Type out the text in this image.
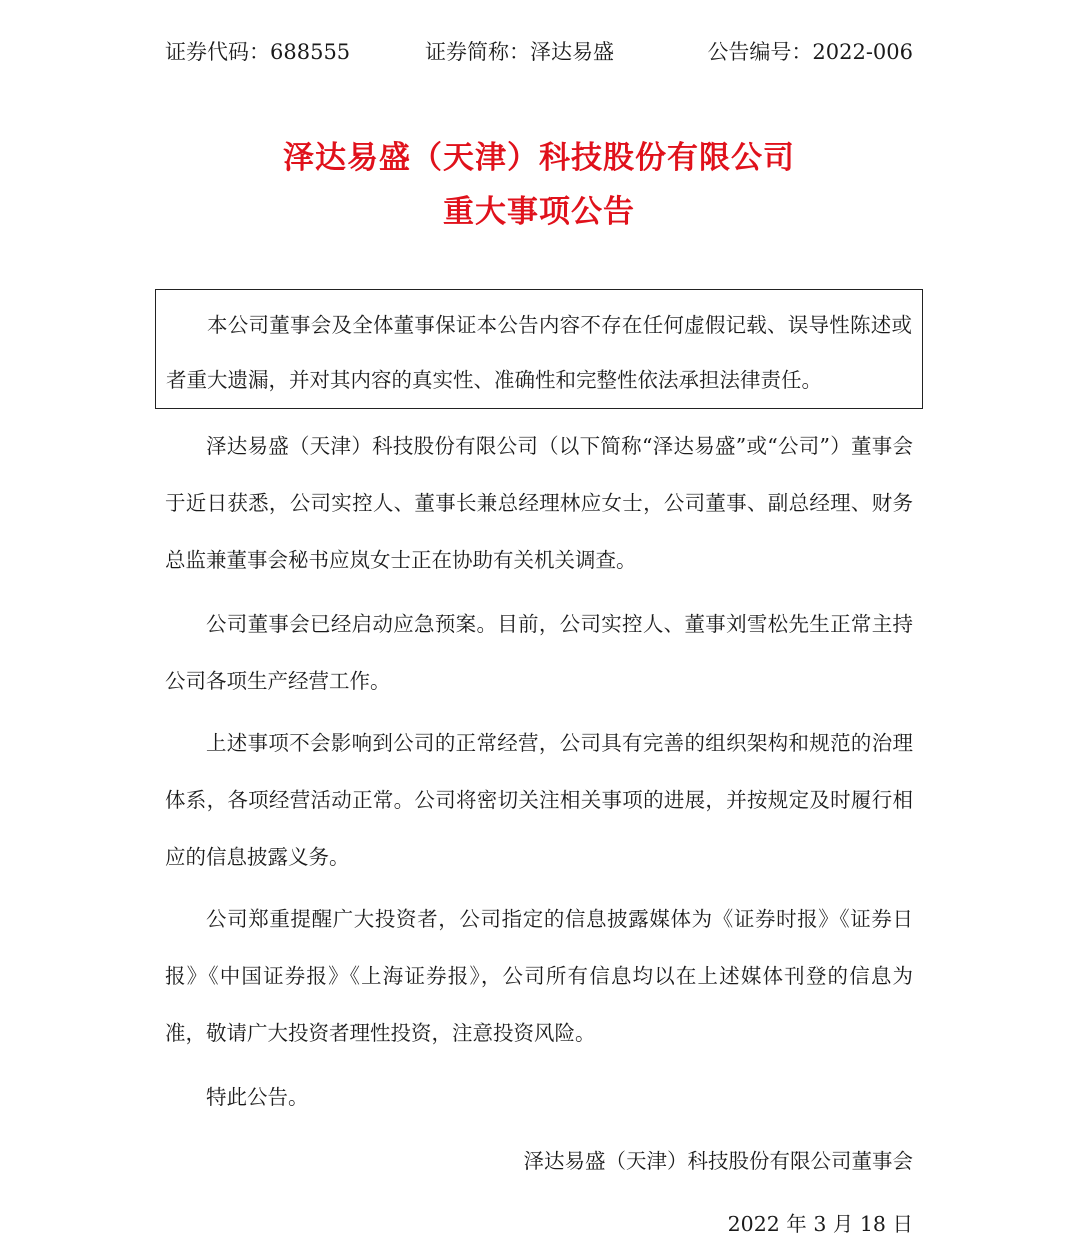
证券代码：688555	证券简称：泽达易盛	公告编号：2022-006
泽达易盛（天津）科技股份有限公司
重大事项公告
本公司董事会及全体董事保证本公告内容不存在任何虚假记载、误导性陈述或者重大遗漏，并对其内容的真实性、准确性和完整性依法承担法律责任。

泽达易盛（天津）科技股份有限公司（以下简称“泽达易盛”或“公司”）董事会于近日获悉，公司实控人、董事长兼总经理林应女士，公司董事、副总经理、财务总监兼董事会秘书应岚女士正在协助有关机关调查。

公司董事会已经启动应急预案。目前，公司实控人、董事刘雪松先生正常主持公司各项生产经营工作。

上述事项不会影响到公司的正常经营，公司具有完善的组织架构和规范的治理体系，各项经营活动正常。公司将密切关注相关事项的进展，并按规定及时履行相应的信息披露义务。

公司郑重提醒广大投资者，公司指定的信息披露媒体为《证券时报》《证券日报》《中国证券报》《上海证券报》，公司所有信息均以在上述媒体刊登的信息为准，敬请广大投资者理性投资，注意投资风险。

特此公告。

泽达易盛（天津）科技股份有限公司董事会
2022 年 3 月 18 日
